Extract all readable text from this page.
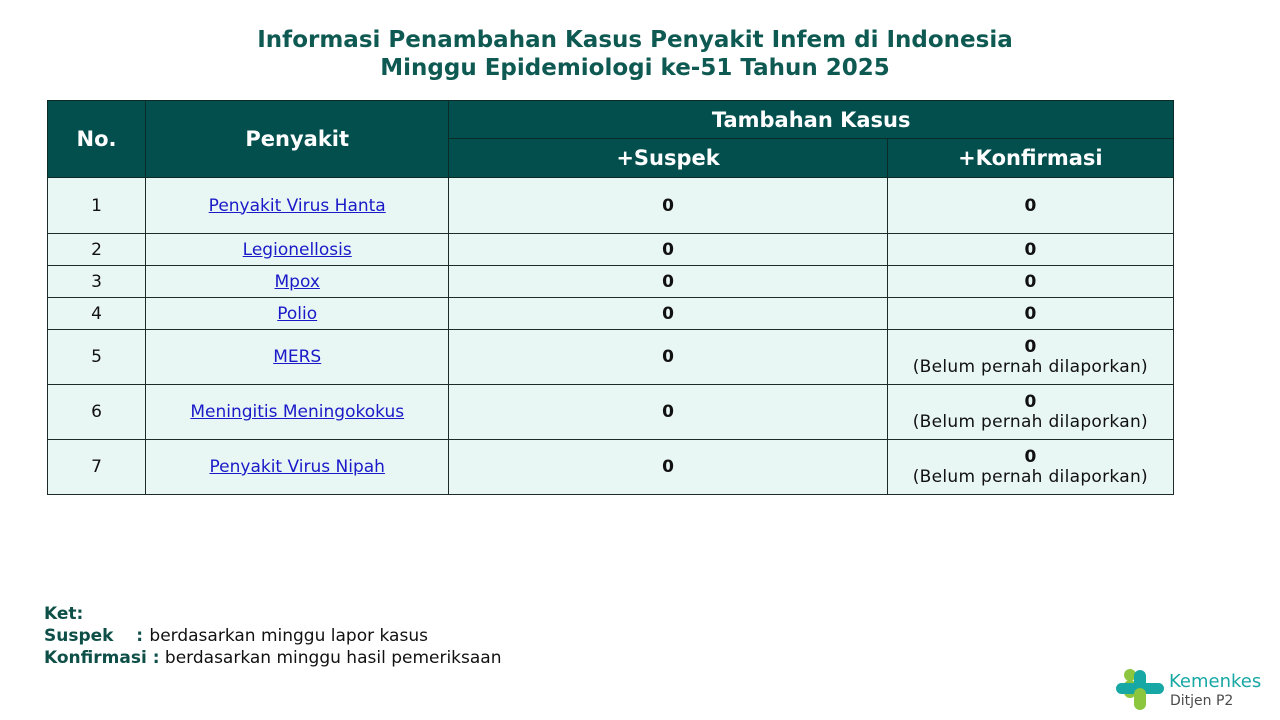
Informasi Penambahan Kasus Penyakit Infem di Indonesia
Minggu Epidemiologi ke-51 Tahun 2025
No.	Penyakit	Tambahan Kasus	
		+Suspek	+Konfirmasi
1	Penyakit Virus Hanta	0	0
2	Legionellosis	0	0
3	Mpox	0	0
4	Polio	0	0
5	MERS	0	0
(Belum pernah dilaporkan)

6	Meningitis Meningokokus	0	0
(Belum pernah dilaporkan)

7	Penyakit Virus Nipah	0	0
(Belum pernah dilaporkan)
Ket:
Suspek : berdasarkan minggu lapor kasus
Konfirmasi : berdasarkan minggu hasil pemeriksaan
Kemenkes
Ditjen P2
